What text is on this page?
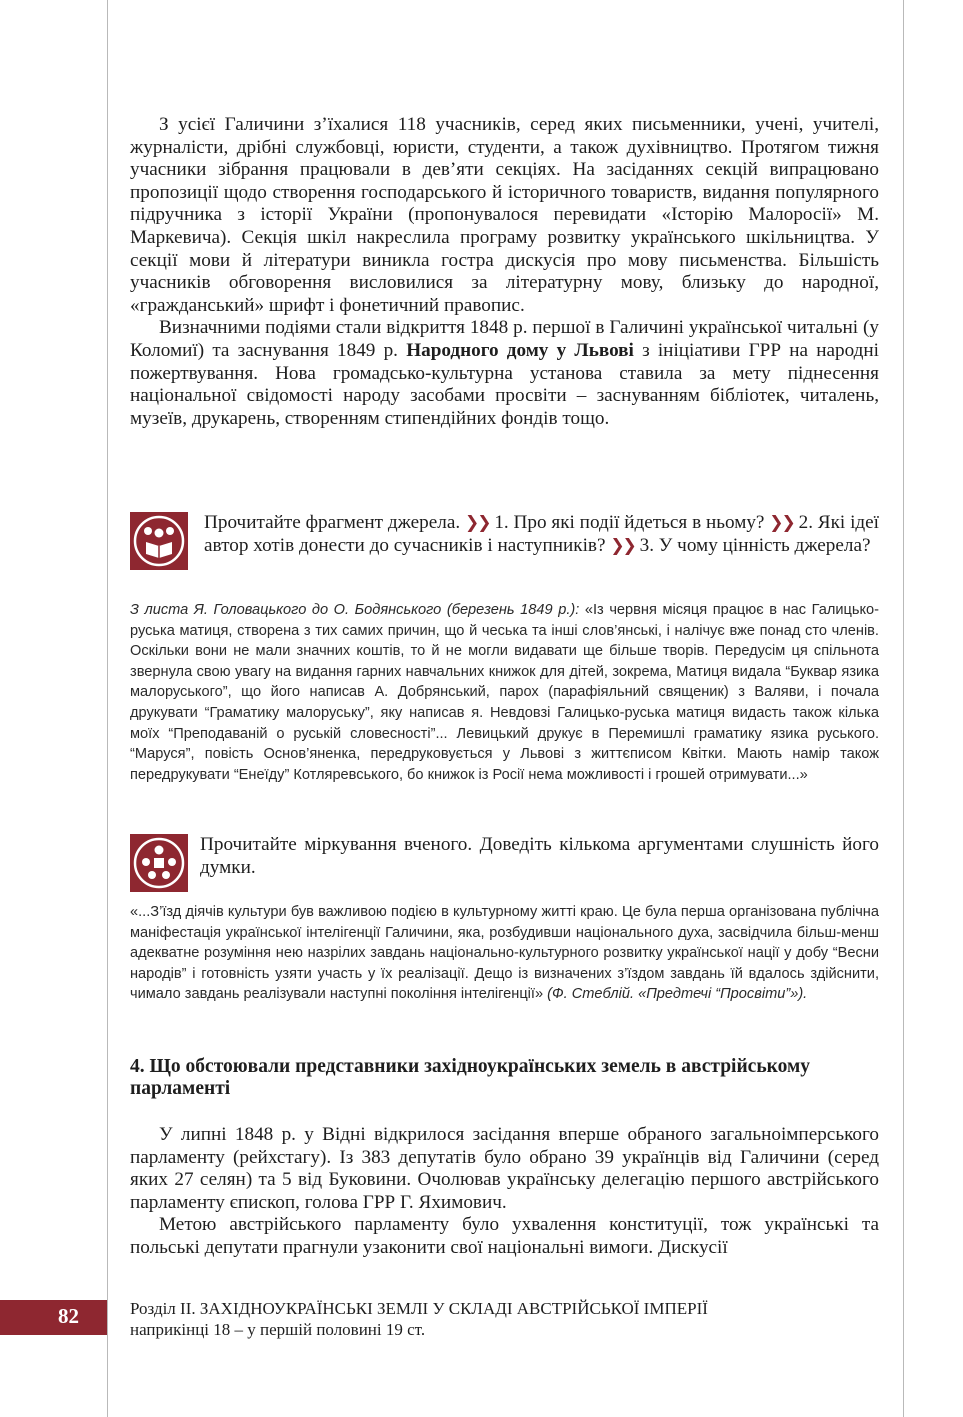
З усієї Галичини з’їхалися 118 учасників, серед яких письменники, учені, учителі, журналісти, дрібні службовці, юристи, студенти, а також духівництво. Протягом тижня учасники зібрання працювали в дев’яти секціях. На засіданнях секцій випрацювано пропозиції щодо створення господарського й історичного товариств, видання популярного підручника з історії України (пропонувалося перевидати «Історію Малоросії» М. Маркевича). Секція шкіл накреслила програму розвитку українського шкільництва. У секції мови й літератури виникла гостра дискусія про мову письменства. Більшість учасників обговорення висловилися за літературну мову, близьку до народної, «гражданський» шрифт і фонетичний правопис.

Визначними подіями стали відкриття 1848 р. першої в Галичині української читальні (у Коломиї) та заснування 1849 р. Народного дому у Львові з ініціативи ГРР на народні пожертвування. Нова громадсько-культурна установа ставила за мету піднесення національної свідомості народу засобами просвіти – заснуванням бібліотек, читалень, музеїв, друкарень, створенням стипендійних фондів тощо.

Прочитайте фрагмент джерела. ❯❯ 1. Про які події йдеться в ньому? ❯❯ 2. Які ідеї автор хотів донести до сучасників і наступників? ❯❯ 3. У чому цінність джерела?
З листа Я. Головацького до О. Бодянського (березень 1849 р.): «Із червня місяця працює в нас Галицько-руська матиця, створена з тих самих причин, що й чеська та інші слов’янські, і налічує вже понад сто членів. Оскільки вони не мали значних коштів, то й не могли видавати ще більше творів. Передусім ця спільнота звернула свою увагу на видання гарних навчальних книжок для дітей, зокрема, Матиця видала “Буквар язика малоруського”, що його написав А. Добрянський, парох (парафіяльний священик) з Валяви, і почала друкувати “Граматику малоруську”, яку написав я. Невдовзі Галицько-руська матиця видасть також кілька моїх “Преподаваній о руській словесності”... Левицький друкує в Перемишлі граматику язика руського. “Маруся”, повість Основ’яненка, передруковується у Львові з життєписом Квітки. Мають намір також передрукувати “Енеїду” Котляревського, бо книжок із Росії нема можливості і грошей отримувати...»
Прочитайте міркування вченого. Доведіть кількома аргументами слушність його думки.
«...З’їзд діячів культури був важливою подією в культурному житті краю. Це була перша організована публічна маніфестація української інтелігенції Галичини, яка, розбудивши національного духа, засвідчила більш-менш адекватне розуміння нею назрілих завдань національно-культурного розвитку української нації у добу “Весни народів” і готовність узяти участь у їх реалізації. Дещо із визначених з’їздом завдань їй вдалось здійснити, чимало завдань реалізували наступні покоління інтелігенції» (Ф. Стеблій. «Предтечі “Просвіти”»).
4. Що обстоювали представники західноукраїнських земель в австрійському парламенті

У липні 1848 р. у Відні відкрилося засідання вперше обраного загальноімперського парламенту (рейхстагу). Із 383 депутатів було обрано 39 українців від Галичини (серед яких 27 селян) та 5 від Буковини. Очолював українську делегацію першого австрійського парламенту єпископ, голова ГРР Г. Яхимович.

Метою австрійського парламенту було ухвалення конституції, тож українські та польські депутати прагнули узаконити свої національні вимоги. Дискусії

82	Розділ ІІ. ЗАХІДНОУКРАЇНСЬКІ ЗЕМЛІ У СКЛАДІ АВСТРІЙСЬКОЇ ІМПЕРІЇ
наприкінці 18 – у першій половині 19 ст.
